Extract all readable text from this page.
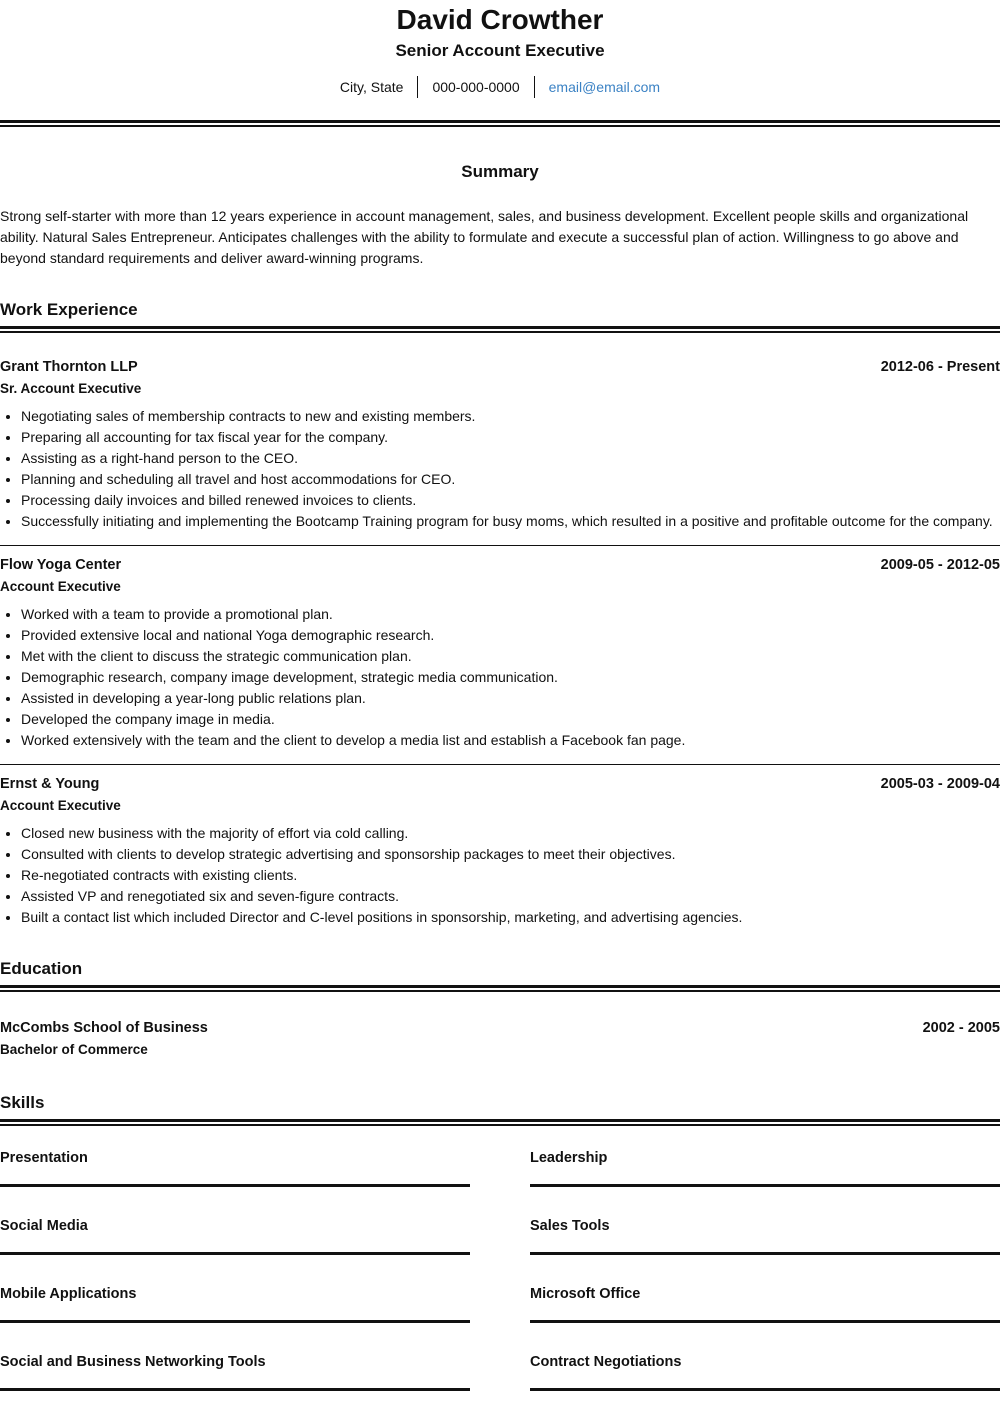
David Crowther
Senior Account Executive
City, State	000-000-0000	email@email.com
Summary
Strong self-starter with more than 12 years experience in account management, sales, and business development. Excellent people skills and organizational ability. Natural Sales Entrepreneur. Anticipates challenges with the ability to formulate and execute a successful plan of action. Willingness to go above and beyond standard requirements and deliver award-winning programs.
Work Experience
Grant Thornton LLP	2012-06 - Present
Sr. Account Executive
• Negotiating sales of membership contracts to new and existing members.
• Preparing all accounting for tax fiscal year for the company.
• Assisting as a right-hand person to the CEO.
• Planning and scheduling all travel and host accommodations for CEO.
• Processing daily invoices and billed renewed invoices to clients.
• Successfully initiating and implementing the Bootcamp Training program for busy moms, which resulted in a positive and profitable outcome for the company.
Flow Yoga Center	2009-05 - 2012-05
Account Executive
• Worked with a team to provide a promotional plan.
• Provided extensive local and national Yoga demographic research.
• Met with the client to discuss the strategic communication plan.
• Demographic research, company image development, strategic media communication.
• Assisted in developing a year-long public relations plan.
• Developed the company image in media.
• Worked extensively with the team and the client to develop a media list and establish a Facebook fan page.
Ernst & Young	2005-03 - 2009-04
Account Executive
• Closed new business with the majority of effort via cold calling.
• Consulted with clients to develop strategic advertising and sponsorship packages to meet their objectives.
• Re-negotiated contracts with existing clients.
• Assisted VP and renegotiated six and seven-figure contracts.
• Built a contact list which included Director and C-level positions in sponsorship, marketing, and advertising agencies.
Education
McCombs School of Business	2002 - 2005
Bachelor of Commerce
Skills
Presentation	Leadership
Social Media	Sales Tools
Mobile Applications	Microsoft Office
Social and Business Networking Tools	Contract Negotiations
